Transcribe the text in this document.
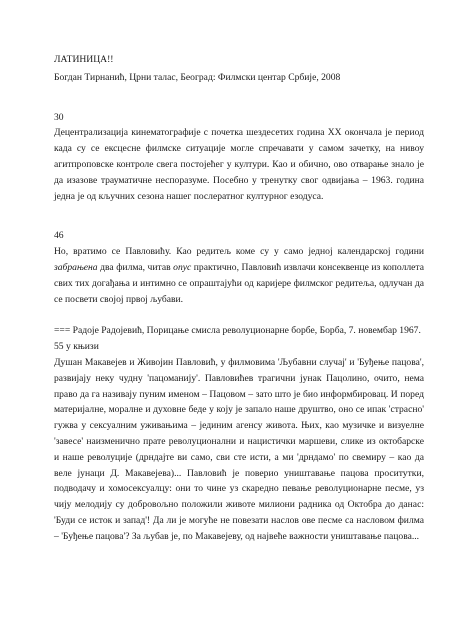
ЛАТИНИЦА!!

Богдан Тирнанић, Црни талас, Београд: Филмски центар Србије, 2008

30

Децентрализација кинематографије с почетка шездесетих година XX окончала је период када су се ексцесне филмске ситуације могле спречавати у самом зачетку, на нивоу агитпроповске контроле свега постојећег у култури. Као и обично, ово отварање знало је да изазове трауматичне неспоразуме. Посебно у тренутку свог одвијања – 1963. година једна је од кључних сезона нашег послератног културног езодуса.

46

Но, вратимо се Павловићу. Као редитељ коме су у само једној календарској години забрањена два филма, читав опус практично, Павловић извлачи консеквенце из кополлета свих тих догађања и интимно се опраштајући од каријере филмског редитеља, одлучан да се посвети својој првој љубави.

=== Радоје Радојевић, Порицање смисла револуционарне борбе, Борба, 7. новембар 1967.

55 у књизи

Душан Макавејев и Живојин Павловић, у филмовима 'Љубавни случај' и 'Буђење пацова', развијају неку чудну 'пацоманију'. Павловићев трагични јунак Пацолино, очито, нема право да га називају пуним именом – Пацовом – зато што је био информбировац. И поред материјалне, моралне и духовне беде у коју је запало наше друштво, оно се ипак 'страсно' гужва у сексуалним уживањима – јединим агенсу живота. Њих, као музичке и визуелне 'завесе' наизменично прате револуционални и нацистички маршеви, слике из октобарске и наше револуције (дрндаjте ви само, сви сте исти, а ми 'дрндамо' по свемиру – као да веле јунаци Д. Макавејева)... Павловић је поверио уништавање пацова проситутки, подводачу и хомосексуалцу: они то чине уз скаредно певање револуционарне песме, уз чију мелодију су добровољно положили животе милиони радника од Октобра до данас: 'Буди се исток и запад'! Да ли је могуће не повезати наслов ове песме са насловом филма – 'Буђење пацова'? За љубав је, по Макавејеву, од највеће важности уништавање пацова...
